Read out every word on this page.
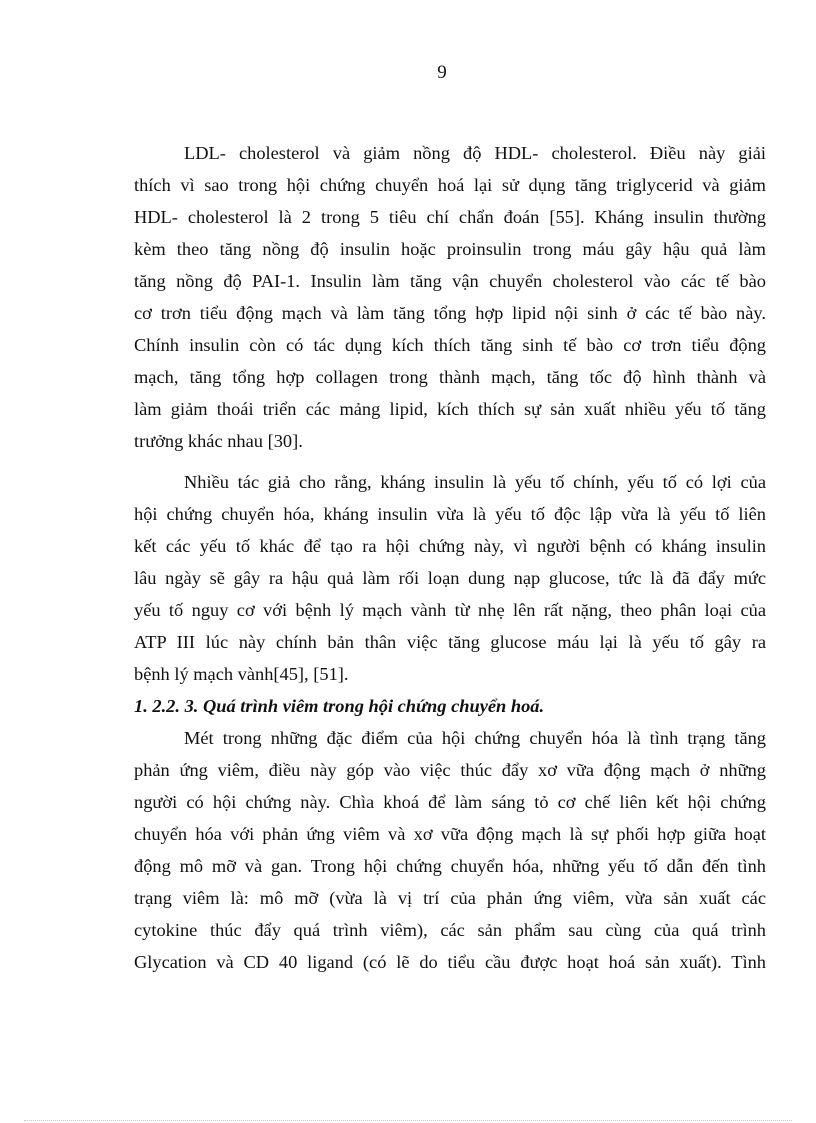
9
LDL- cholesterol và giảm nồng độ HDL- cholesterol. Điều này giải
thích vì sao trong hội chứng chuyển hoá lại sử dụng tăng triglycerid và giảm
HDL- cholesterol là 2 trong 5 tiêu chí chẩn đoán [55]. Kháng insulin thường
kèm theo tăng nồng độ insulin hoặc proinsulin trong máu gây hậu quả làm
tăng nồng độ PAI-1. Insulin làm tăng vận chuyển cholesterol vào các tế bào
cơ trơn tiểu động mạch và làm tăng tổng hợp lipid nội sinh ở các tế bào này.
Chính insulin còn có tác dụng kích thích tăng sinh tế bào cơ trơn tiểu động
mạch, tăng tổng hợp collagen trong thành mạch, tăng tốc độ hình thành và
làm giảm thoái triển các mảng lipid, kích thích sự sản xuất nhiều yếu tố tăng
trưởng khác nhau [30].
Nhiều tác giả cho rằng, kháng insulin là yếu tố chính, yếu tố có lợi của
hội chứng chuyển hóa, kháng insulin vừa là yếu tố độc lập vừa là yếu tố liên
kết các yếu tố khác để tạo ra hội chứng này, vì người bệnh có kháng insulin
lâu ngày sẽ gây ra hậu quả làm rối loạn dung nạp glucose, tức là đã đẩy mức
yếu tố nguy cơ với bệnh lý mạch vành từ nhẹ lên rất nặng, theo phân loại của
ATP III lúc này chính bản thân việc tăng glucose máu lại là yếu tố gây ra
bệnh lý mạch vành[45], [51].
1. 2.2. 3. Quá trình viêm trong hội chứng chuyển hoá.
Mét trong những đặc điểm của hội chứng chuyển hóa là tình trạng tăng
phản ứng viêm, điều này góp vào việc thúc đẩy xơ vữa động mạch ở những
người có hội chứng này. Chìa khoá để làm sáng tỏ cơ chế liên kết hội chứng
chuyển hóa với phản ứng viêm và xơ vữa động mạch là sự phối hợp giữa hoạt
động mô mỡ và gan. Trong hội chứng chuyển hóa, những yếu tố dẫn đến tình
trạng viêm là: mô mỡ (vừa là vị trí của phản ứng viêm, vừa sản xuất các
cytokine thúc đẩy quá trình viêm), các sản phẩm sau cùng của quá trình
Glycation và CD 40 ligand (có lẽ do tiểu cầu được hoạt hoá sản xuất). Tình
